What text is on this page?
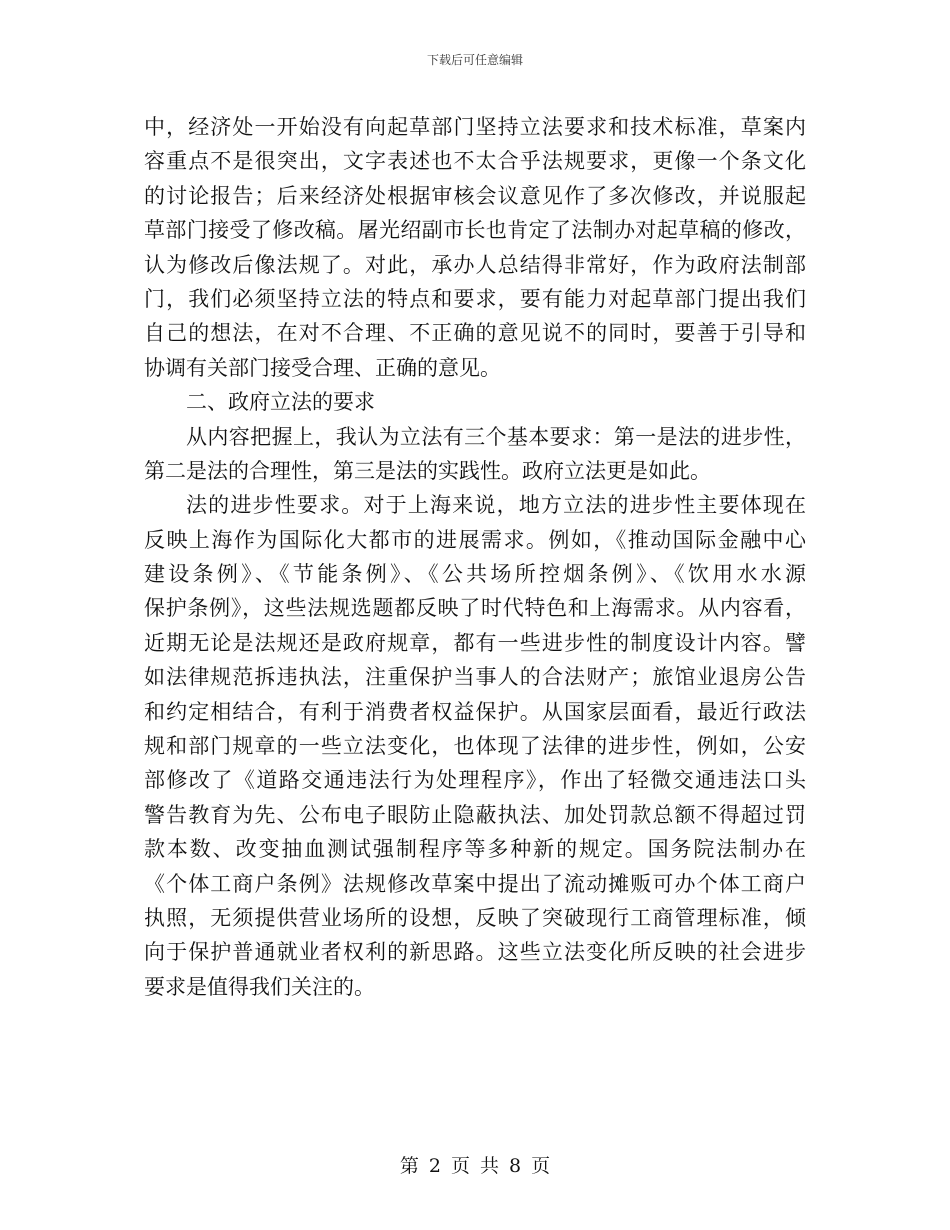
下载后可任意编辑
中，经济处一开始没有向起草部门坚持立法要求和技术标准，草案内
容重点不是很突出，文字表述也不太合乎法规要求，更像一个条文化
的讨论报告；后来经济处根据审核会议意见作了多次修改，并说服起
草部门接受了修改稿。屠光绍副市长也肯定了法制办对起草稿的修改，
认为修改后像法规了。对此，承办人总结得非常好，作为政府法制部
门，我们必须坚持立法的特点和要求，要有能力对起草部门提出我们
自己的想法，在对不合理、不正确的意见说不的同时，要善于引导和
协调有关部门接受合理、正确的意见。
二、政府立法的要求
从内容把握上，我认为立法有三个基本要求：第一是法的进步性，
第二是法的合理性，第三是法的实践性。政府立法更是如此。
法的进步性要求。对于上海来说，地方立法的进步性主要体现在
反映上海作为国际化大都市的进展需求。例如，《推动国际金融中心
建设条例》、《节能条例》、《公共场所控烟条例》、《饮用水水源
保护条例》，这些法规选题都反映了时代特色和上海需求。从内容看，
近期无论是法规还是政府规章，都有一些进步性的制度设计内容。譬
如法律规范拆违执法，注重保护当事人的合法财产；旅馆业退房公告
和约定相结合，有利于消费者权益保护。从国家层面看，最近行政法
规和部门规章的一些立法变化，也体现了法律的进步性，例如，公安
部修改了《道路交通违法行为处理程序》，作出了轻微交通违法口头
警告教育为先、公布电子眼防止隐蔽执法、加处罚款总额不得超过罚
款本数、改变抽血测试强制程序等多种新的规定。国务院法制办在
《个体工商户条例》法规修改草案中提出了流动摊贩可办个体工商户
执照，无须提供营业场所的设想，反映了突破现行工商管理标准，倾
向于保护普通就业者权利的新思路。这些立法变化所反映的社会进步
要求是值得我们关注的。
第 2 页 共 8 页
